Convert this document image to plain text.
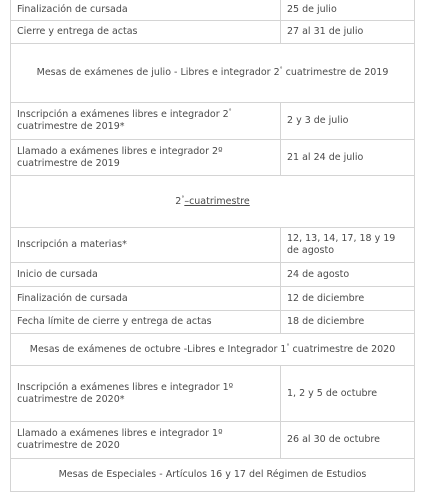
Finalización de cursada	25 de julio
Cierre y entrega de actas	27 al 31 de julio
Mesas de exámenes de julio - Libres e integrador 2° cuatrimestre de 2019	
Inscripción a exámenes libres e integrador 2° cuatrimestre de 2019*	2 y 3 de julio
Llamado a exámenes libres e integrador 2º cuatrimestre de 2019	21 al 24 de julio
2°–cuatrimestre	
Inscripción a materias*	12, 13, 14, 17, 18 y 19 de agosto
Inicio de cursada	24 de agosto
Finalización de cursada	12 de diciembre
Fecha límite de cierre y entrega de actas	18 de diciembre
Mesas de exámenes de octubre -Libres e Integrador 1° cuatrimestre de 2020	
Inscripción a exámenes libres e integrador 1º cuatrimestre de 2020*	1, 2 y 5 de octubre
Llamado a exámenes libres e integrador 1º cuatrimestre de 2020	26 al 30 de octubre
Mesas de Especiales - Artículos 16 y 17 del Régimen de Estudios	
